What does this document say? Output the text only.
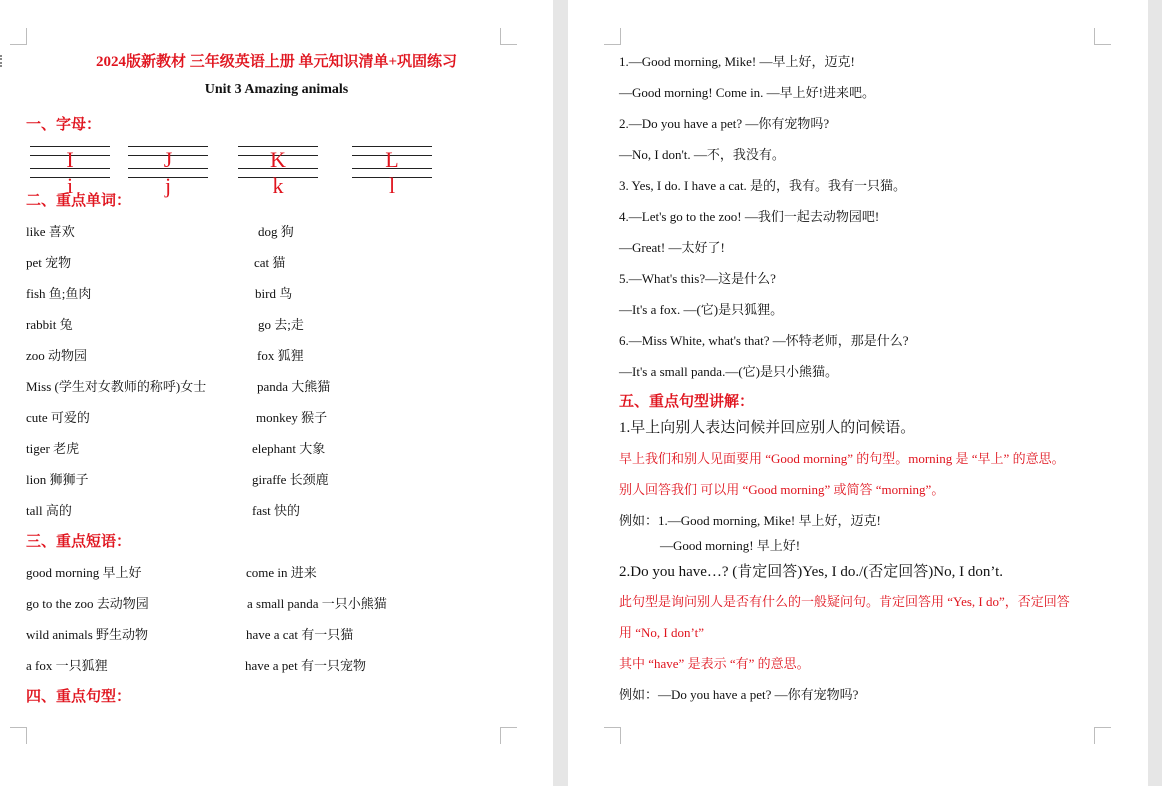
2024版新教材 三年级英语上册 单元知识清单+巩固练习
Unit 3 Amazing animals
一、字母：
I i
J j
K k
L l
二、重点单词：
like 喜欢
pet 宠物
fish 鱼;鱼肉
rabbit 兔
zoo 动物园
Miss (学生对女教师的称呼)女士
cute 可爱的
tiger 老虎
lion 狮狮子
tall 高的
dog 狗
cat 猫
bird 鸟
go 去;走
fox 狐狸
panda 大熊猫
monkey 猴子
elephant 大象
giraffe 长颈鹿
fast 快的
三、重点短语：
good morning 早上好
go to the zoo 去动物园
wild animals 野生动物
a fox 一只狐狸
come in 进来
a small panda 一只小熊猫
have a cat 有一只猫
have a pet 有一只宠物
四、重点句型：
1.—Good morning, Mike! —早上好，迈克!
—Good morning! Come in. —早上好!进来吧。
2.—Do you have a pet? —你有宠物吗?
—No, I don't. —不，我没有。
3. Yes, I do. I have a cat. 是的，我有。我有一只猫。
4.—Let's go to the zoo! —我们一起去动物园吧!
—Great! —太好了!
5.—What's this?—这是什么?
—It's a fox. —(它)是只狐狸。
6.—Miss White, what's that? —怀特老师，那是什么?
—It's a small panda.—(它)是只小熊猫。
五、重点句型讲解：
1.早上向别人表达问候并回应别人的问候语。
早上我们和别人见面要用 “Good morning” 的句型。morning 是 “早上” 的意思。
别人回答我们 可以用 “Good morning” 或简答 “morning”。
例如：1.—Good morning, Mike! 早上好，迈克!
—Good morning! 早上好!
2.Do you have…? (肯定回答)Yes, I do./(否定回答)No, I don’t.
此句型是询问别人是否有什么的一般疑问句。肯定回答用 “Yes, I do”，否定回答
用 “No, I don’t”
其中 “have” 是表示 “有” 的意思。
例如：—Do you have a pet? —你有宠物吗?
